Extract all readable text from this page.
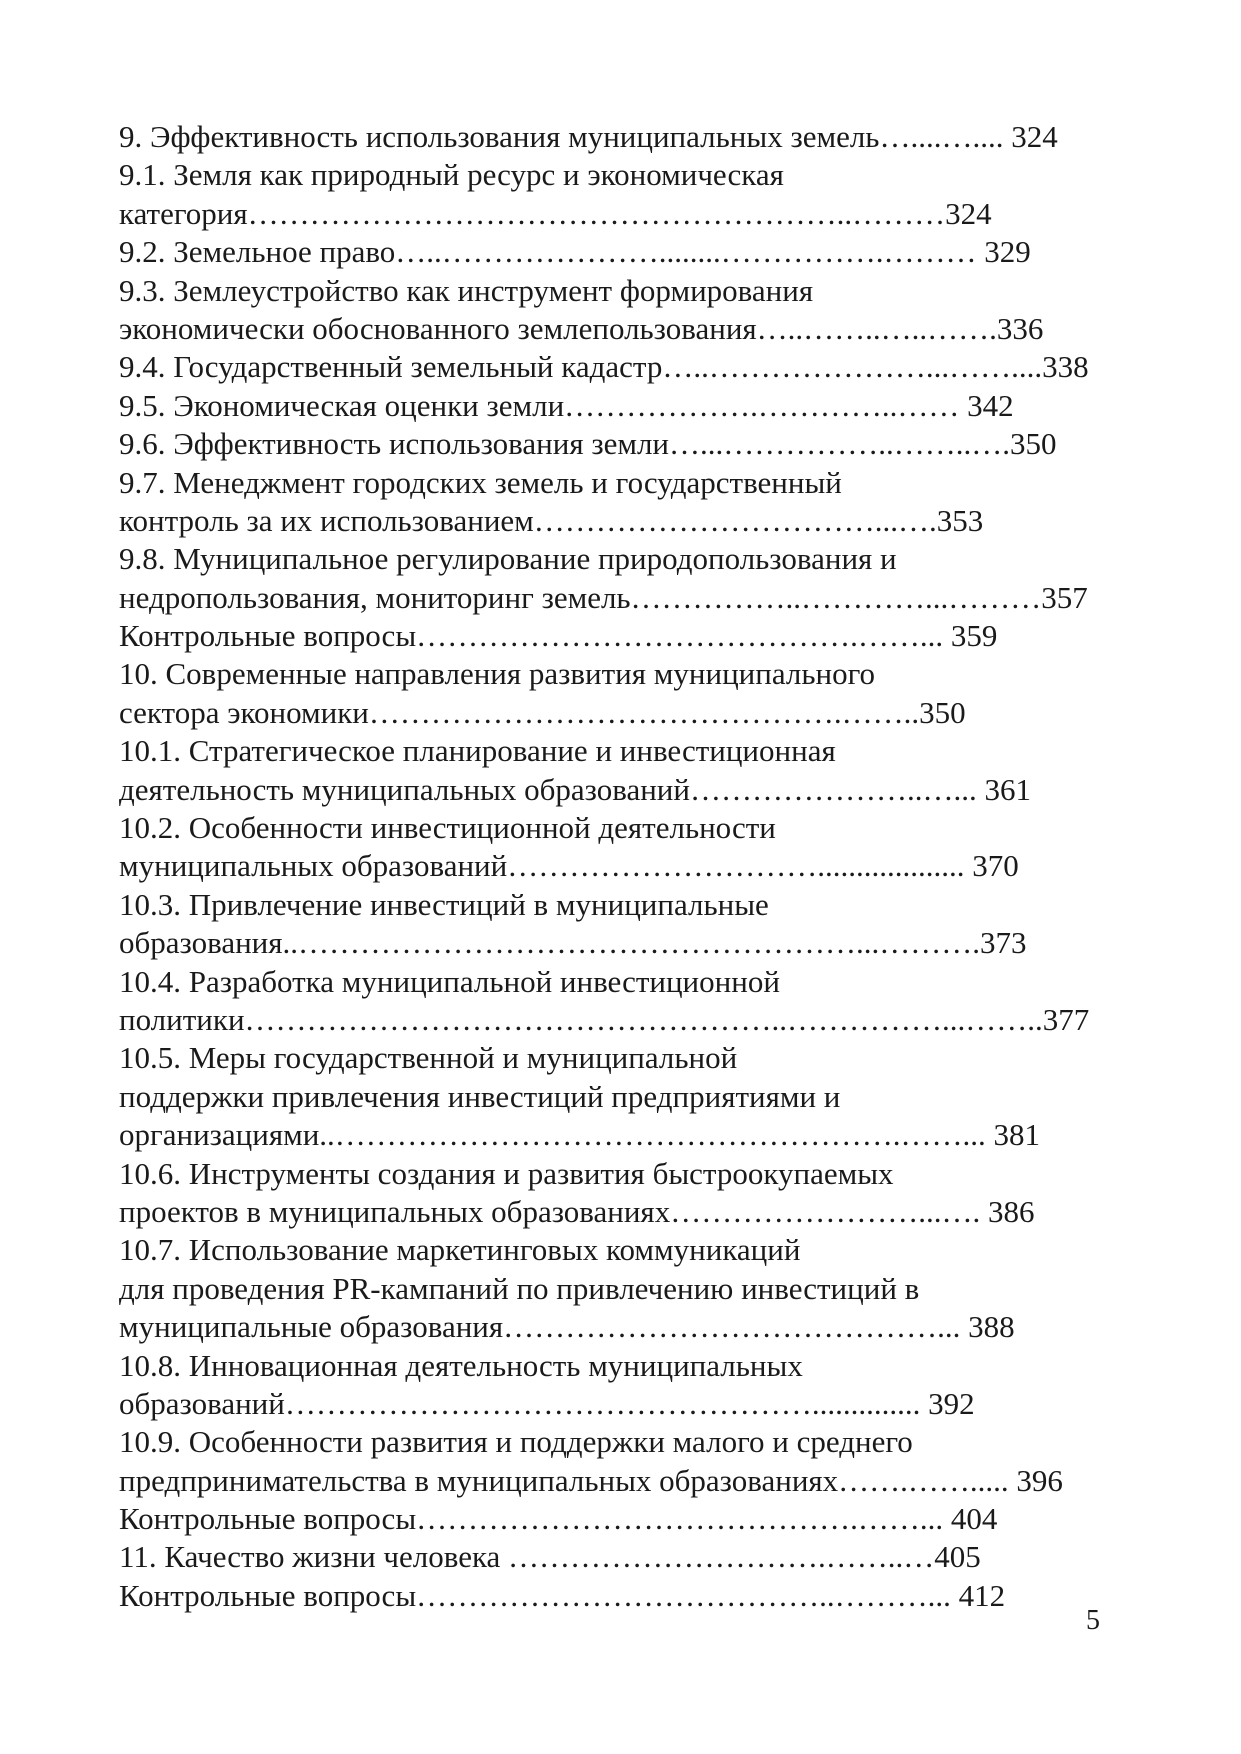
9. Эффективность использования муниципальных земель…....….... 324
9.1. Земля как природный ресурс и экономическая
категория…………………………………………………..………324
9.2. Земельное право…..…………………........…………….……… 329
9.3. Землеустройство как инструмент формирования
экономически обоснованного землепользования…..……..…..…….336
9.4. Государственный земельный кадастр…..…………………...……....338
9.5. Экономическая оценки земли……………….…………..…… 342
9.6. Эффективность использования земли…...……………..……..….350
9.7. Менеджмент городских земель и государственный
контроль за их использованием……………………………...….353
9.8. Муниципальное регулирование природопользования и
недропользования, мониторинг земель……………..…………...………357
Контрольные вопросы…………………………………….……... 359
10. Современные направления развития муниципального
сектора экономики……………………………………….……..350
10.1. Стратегическое планирование и инвестиционная
деятельность муниципальных образований…………………..…... 361
10.2. Особенности инвестиционной деятельности
муниципальных образований…………………………................... 370
10.3. Привлечение инвестиций в муниципальные
образования..………………………………………………...……….373
10.4. Разработка муниципальной инвестиционной
политики……………………………………………..……………...……..377
10.5. Меры государственной и муниципальной
поддержки привлечения инвестиций предприятиями и
организациями..……………………………………………….……... 381
10.6. Инструменты создания и развития быстроокупаемых
проектов в муниципальных образованиях……………………...…. 386
10.7. Использование маркетинговых коммуникаций
для проведения PR-кампаний по привлечению инвестиций в
муниципальные образования……………………………………... 388
10.8. Инновационная деятельность муниципальных
образований…………………………………………….............. 392
10.9. Особенности развития и поддержки малого и среднего
предпринимательства в муниципальных образованиях…….……..... 396
Контрольные вопросы…………………………………….……... 404
11. Качество жизни человека ………………………….……..…405
Контрольные вопросы…………………………………..………... 412
5
